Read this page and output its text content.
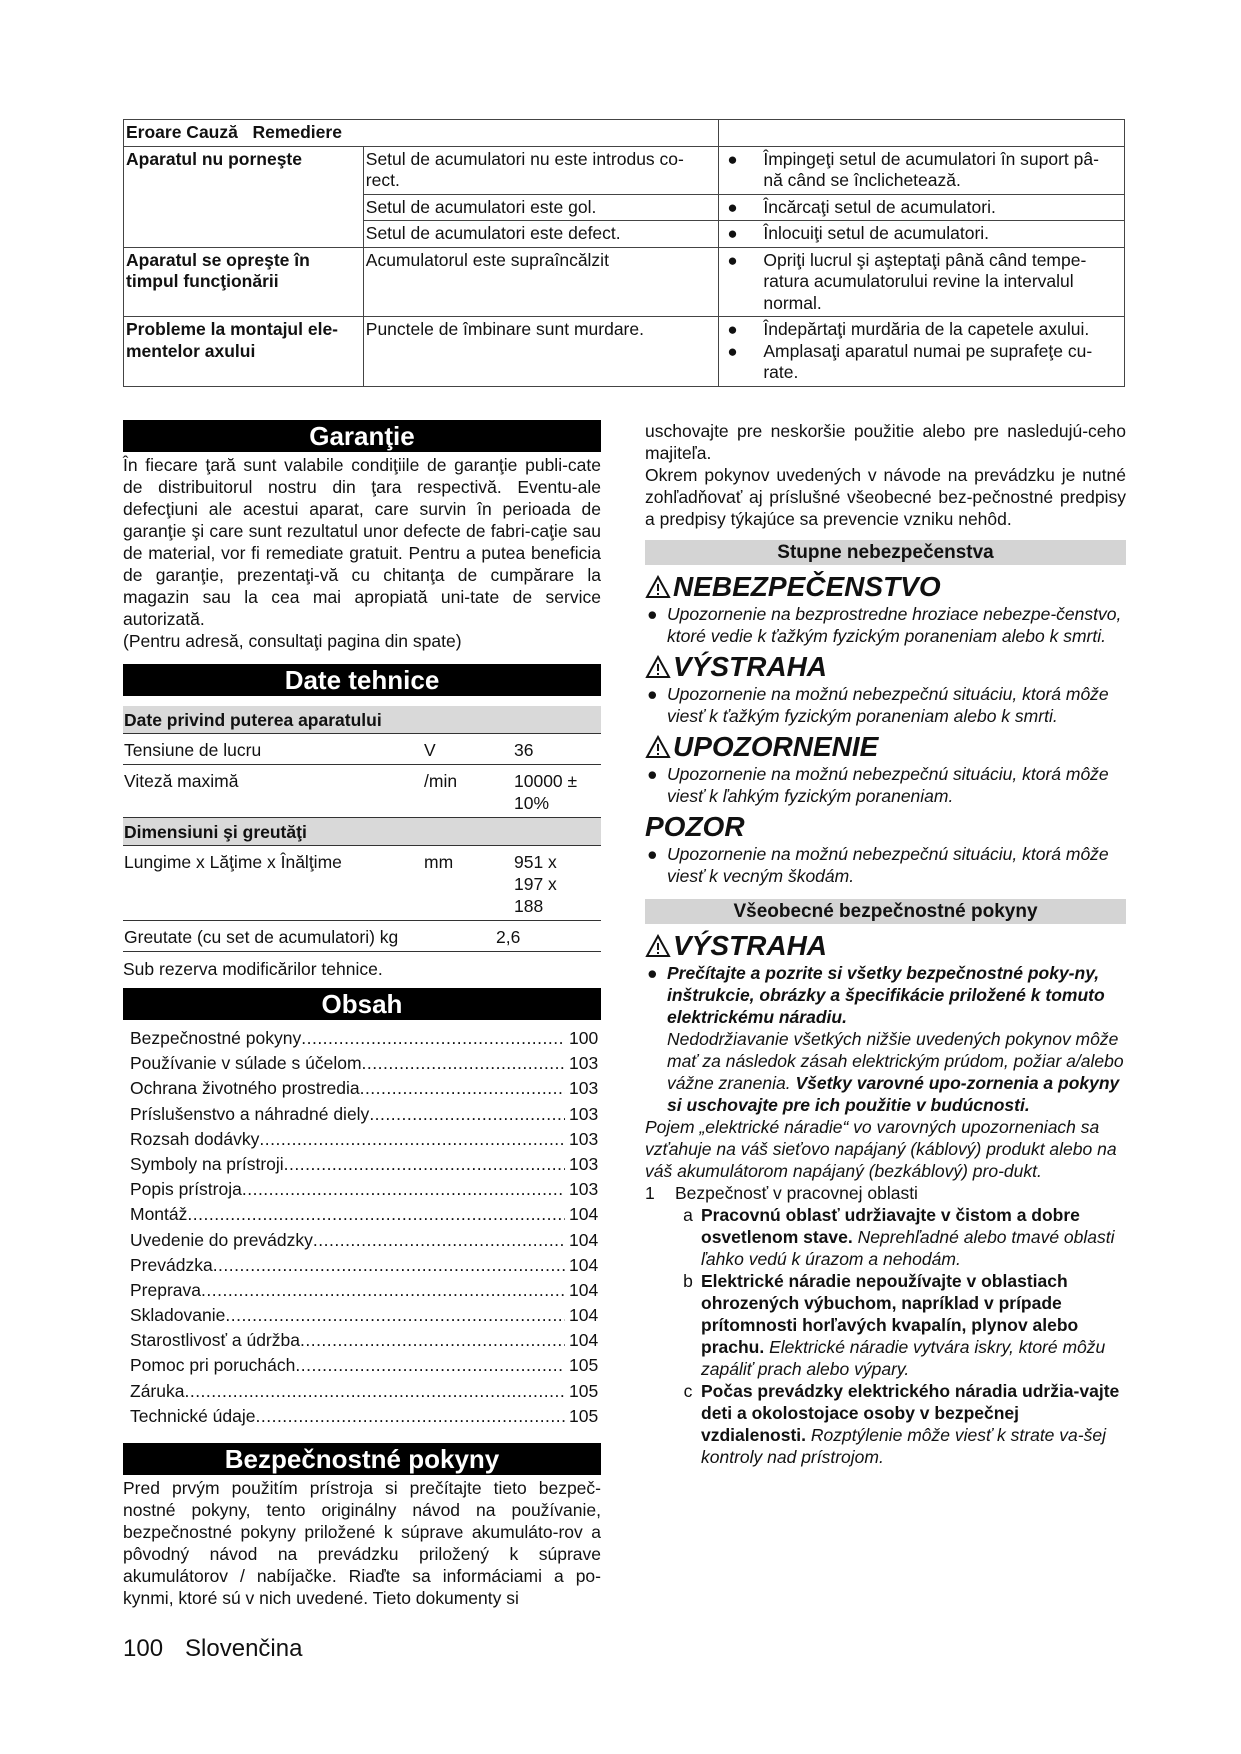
Eroare Cauză Remediere		
Aparatul nu porneşte	Setul de acumulatori nu este introdus co-rect.	● Împingeţi setul de acumulatori în suport pâ-nă când se înclichetează.

	Setul de acumulatori este gol.	● Încărcaţi setul de acumulatori.

	Setul de acumulatori este defect.	● Înlocuiţi setul de acumulatori.

Aparatul se opreşte în timpul funcţionării	Acumulatorul este supraîncălzit	● Opriţi lucrul şi aşteptaţi până când tempe-ratura acumulatorului revine la intervalul normal.

Probleme la montajul ele-mentelor axului	Punctele de îmbinare sunt murdare.	● Îndepărtaţi murdăria de la capetele axului.
● Amplasaţi aparatul numai pe suprafeţe cu-rate.
Garanţie
În fiecare ţară sunt valabile condiţiile de garanţie publi-cate de distribuitorul nostru din ţara respectivă. Eventu-ale defecţiuni ale acestui aparat, care survin în perioada de garanţie şi care sunt rezultatul unor defecte de fabri-caţie sau de material, vor fi remediate gratuit. Pentru a putea beneficia de garanţie, prezentaţi-vă cu chitanţa de cumpărare la magazin sau la cea mai apropiată uni-tate de service autorizată.
(Pentru adresă, consultaţi pagina din spate)
Date tehnice
Date privind puterea aparatului
Tensiune de lucru	V	36
Viteză maximă	/min	10000 ± 10%
Dimensiuni şi greutăţi
Lungime x Lăţime x Înălţime	mm	951 x 197 x 188
Greutate (cu set de acumulatori) kg	2,6
Sub rezerva modificărilor tehnice.
Obsah
Bezpečnostné pokyny .....	100
Používanie v súlade s účelom .....	103
Ochrana životného prostredia .....	103
Príslušenstvo a náhradné diely .....	103
Rozsah dodávky .....	103
Symboly na prístroji .....	103
Popis prístroja .....	103
Montáž .....	104
Uvedenie do prevádzky .....	104
Prevádzka .....	104
Preprava .....	104
Skladovanie .....	104
Starostlivosť a údržba .....	104
Pomoc pri poruchách .....	105
Záruka .....	105
Technické údaje .....	105
Bezpečnostné pokyny
Pred prvým použitím prístroja si prečítajte tieto bezpeč-nostné pokyny, tento originálny návod na používanie, bezpečnostné pokyny priložené k súprave akumuláto-rov a pôvodný návod na prevádzku priložený k súprave akumulátorov / nabíjačke. Riaďte sa informáciami a po-kynmi, ktoré sú v nich uvedené. Tieto dokumenty si
uschovajte pre neskoršie použitie alebo pre nasledujú-ceho majiteľa.
Okrem pokynov uvedených v návode na prevádzku je nutné zohľadňovať aj príslušné všeobecné bez-pečnostné predpisy a predpisy týkajúce sa prevencie vzniku nehôd.
Stupne nebezpečenstva
NEBEZPEČENSTVO
● Upozornenie na bezprostredne hroziace nebezpe-čenstvo, ktoré vedie k ťažkým fyzickým poraneniam alebo k smrti.
VÝSTRAHA
● Upozornenie na možnú nebezpečnú situáciu, ktorá môže viesť k ťažkým fyzickým poraneniam alebo k smrti.
UPOZORNENIE
● Upozornenie na možnú nebezpečnú situáciu, ktorá môže viesť k ľahkým fyzickým poraneniam.
POZOR
● Upozornenie na možnú nebezpečnú situáciu, ktorá môže viesť k vecným škodám.
Všeobecné bezpečnostné pokyny
VÝSTRAHA
● Prečítajte a pozrite si všetky bezpečnostné poky-ny, inštrukcie, obrázky a špecifikácie priložené k tomuto elektrickému náradiu.
Nedodržiavanie všetkých nižšie uvedených pokynov môže mať za následok zásah elektrickým prúdom, požiar a/alebo vážne zranenia. Všetky varovné upo-zornenia a pokyny si uschovajte pre ich použitie v budúcnosti.
Pojem „elektrické náradie“ vo varovných upozorneniach sa vzťahuje na váš sieťovo napájaný (káblový) produkt alebo na váš akumulátorom napájaný (bezkáblový) pro-dukt.
1	Bezpečnosť v pracovnej oblasti
a Pracovnú oblasť udržiavajte v čistom a dobre osvetlenom stave. Neprehľadné alebo tmavé oblasti ľahko vedú k úrazom a nehodám.
b Elektrické náradie nepoužívajte v oblastiach ohrozených výbuchom, napríklad v prípade prítomnosti horľavých kvapalín, plynov alebo prachu. Elektrické náradie vytvára iskry, ktoré môžu zapáliť prach alebo výpary.
c Počas prevádzky elektrického náradia udržia-vajte deti a okolostojace osoby v bezpečnej vzdialenosti. Rozptýlenie môže viesť k strate va-šej kontroly nad prístrojom.
100 Slovenčina
